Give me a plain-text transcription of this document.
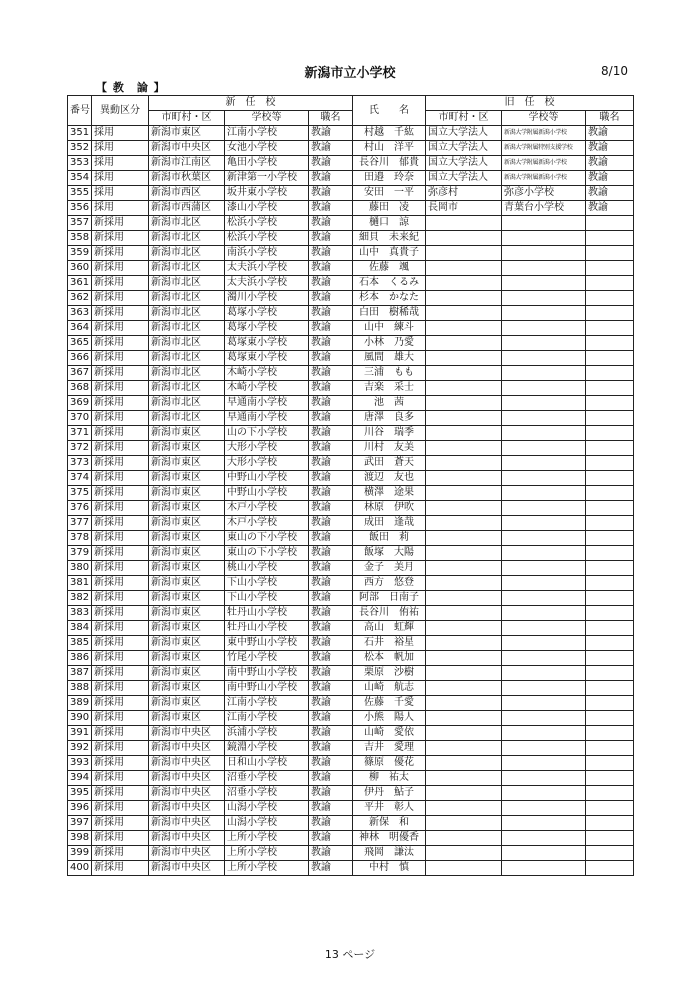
新潟市立小学校	8/10
【 教　論 】
番号	異動区分	新　任　校			氏　　名	旧　任　校		
		市町村・区	学校等	職名		市町村・区	学校等	職名
351	採用	新潟市東区	江南小学校	教諭	村越　千紘	国立大学法人	新潟大学附属新潟小学校	教諭
352	採用	新潟市中央区	女池小学校	教諭	村山　洋平	国立大学法人	新潟大学附属特別支援学校	教諭
353	採用	新潟市江南区	亀田小学校	教諭	長谷川　郁貴	国立大学法人	新潟大学附属新潟小学校	教諭
354	採用	新潟市秋葉区	新津第一小学校	教諭	田邉　玲奈	国立大学法人	新潟大学附属新潟小学校	教諭
355	採用	新潟市西区	坂井東小学校	教諭	安田　一平	弥彦村	弥彦小学校	教諭
356	採用	新潟市西蒲区	漆山小学校	教諭	藤田　凌	長岡市	青葉台小学校	教諭
357	新採用	新潟市北区	松浜小学校	教諭	樋口　諒			
358	新採用	新潟市北区	松浜小学校	教諭	細貝　未来紀			
359	新採用	新潟市北区	南浜小学校	教諭	山中　真貴子			
360	新採用	新潟市北区	太夫浜小学校	教諭	佐藤　颯			
361	新採用	新潟市北区	太夫浜小学校	教諭	石本　くるみ			
362	新採用	新潟市北区	濁川小学校	教諭	杉本　かなた			
363	新採用	新潟市北区	葛塚小学校	教諭	白田　樹稀哉			
364	新採用	新潟市北区	葛塚小学校	教諭	山中　練斗			
365	新採用	新潟市北区	葛塚東小学校	教諭	小林　乃愛			
366	新採用	新潟市北区	葛塚東小学校	教諭	風間　雄大			
367	新採用	新潟市北区	木崎小学校	教諭	三浦　もも			
368	新採用	新潟市北区	木崎小学校	教諭	吉楽　采士			
369	新採用	新潟市北区	早通南小学校	教諭	池　茜			
370	新採用	新潟市北区	早通南小学校	教諭	唐澤　良多			
371	新採用	新潟市東区	山の下小学校	教諭	川谷　瑞季			
372	新採用	新潟市東区	大形小学校	教諭	川村　友美			
373	新採用	新潟市東区	大形小学校	教諭	武田　蒼天			
374	新採用	新潟市東区	中野山小学校	教諭	渡辺　友也			
375	新採用	新潟市東区	中野山小学校	教諭	横澤　途果			
376	新採用	新潟市東区	木戸小学校	教諭	林原　伊吹			
377	新採用	新潟市東区	木戸小学校	教諭	成田　逢哉			
378	新採用	新潟市東区	東山の下小学校	教諭	飯田　莉			
379	新採用	新潟市東区	東山の下小学校	教諭	飯塚　大陽			
380	新採用	新潟市東区	桃山小学校	教諭	金子　美月			
381	新採用	新潟市東区	下山小学校	教諭	西方　悠登			
382	新採用	新潟市東区	下山小学校	教諭	阿部　日南子			
383	新採用	新潟市東区	牡丹山小学校	教諭	長谷川　侑祐			
384	新採用	新潟市東区	牡丹山小学校	教諭	高山　虹輝			
385	新採用	新潟市東区	東中野山小学校	教諭	石井　裕星			
386	新採用	新潟市東区	竹尾小学校	教諭	松本　帆加			
387	新採用	新潟市東区	南中野山小学校	教諭	栗原　沙樹			
388	新採用	新潟市東区	南中野山小学校	教諭	山崎　航志			
389	新採用	新潟市東区	江南小学校	教諭	佐藤　千愛			
390	新採用	新潟市東区	江南小学校	教諭	小熊　陽人			
391	新採用	新潟市中央区	浜浦小学校	教諭	山崎　愛依			
392	新採用	新潟市中央区	鏡淵小学校	教諭	吉井　愛理			
393	新採用	新潟市中央区	日和山小学校	教諭	篠原　優花			
394	新採用	新潟市中央区	沼垂小学校	教諭	柳　祐太			
395	新採用	新潟市中央区	沼垂小学校	教諭	伊丹　鮎子			
396	新採用	新潟市中央区	山潟小学校	教諭	平井　彰人			
397	新採用	新潟市中央区	山潟小学校	教諭	新保　和			
398	新採用	新潟市中央区	上所小学校	教諭	神林　明優香			
399	新採用	新潟市中央区	上所小学校	教諭	飛岡　謙汰			
400	新採用	新潟市中央区	上所小学校	教諭	中村　慎			
13 ページ
